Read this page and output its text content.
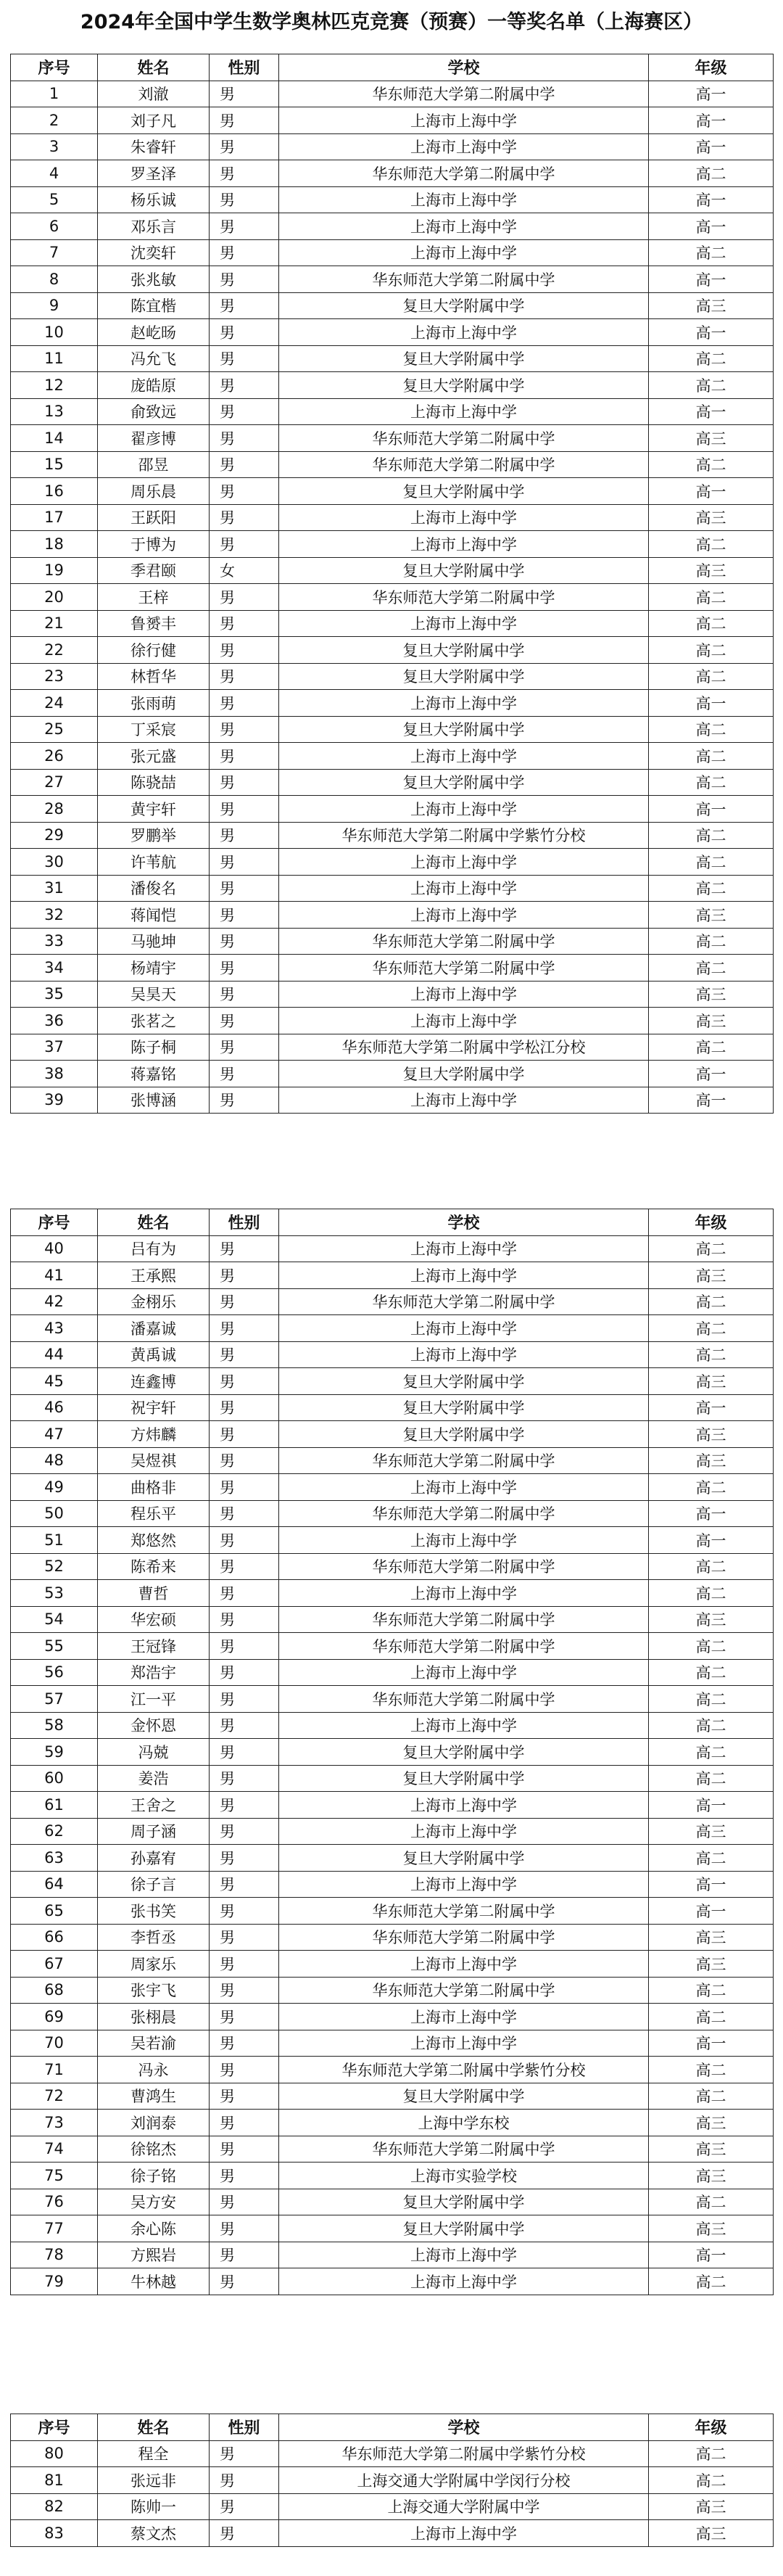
2024年全国中学生数学奥林匹克竞赛（预赛）一等奖名单（上海赛区）
序号	姓名	性别	学校	年级
1	刘澈	男	华东师范大学第二附属中学	高一
2	刘子凡	男	上海市上海中学	高一
3	朱睿轩	男	上海市上海中学	高一
4	罗圣泽	男	华东师范大学第二附属中学	高二
5	杨乐诚	男	上海市上海中学	高一
6	邓乐言	男	上海市上海中学	高一
7	沈奕轩	男	上海市上海中学	高二
8	张兆敏	男	华东师范大学第二附属中学	高一
9	陈宜楷	男	复旦大学附属中学	高三
10	赵屹旸	男	上海市上海中学	高一
11	冯允飞	男	复旦大学附属中学	高二
12	庞皓原	男	复旦大学附属中学	高二
13	俞致远	男	上海市上海中学	高一
14	翟彦博	男	华东师范大学第二附属中学	高三
15	邵昱	男	华东师范大学第二附属中学	高二
16	周乐晨	男	复旦大学附属中学	高一
17	王跃阳	男	上海市上海中学	高三
18	于博为	男	上海市上海中学	高二
19	季君颐	女	复旦大学附属中学	高三
20	王梓	男	华东师范大学第二附属中学	高二
21	鲁赟丰	男	上海市上海中学	高二
22	徐行健	男	复旦大学附属中学	高二
23	林哲华	男	复旦大学附属中学	高二
24	张雨萌	男	上海市上海中学	高一
25	丁采宸	男	复旦大学附属中学	高二
26	张元盛	男	上海市上海中学	高二
27	陈骁喆	男	复旦大学附属中学	高二
28	黄宇轩	男	上海市上海中学	高一
29	罗鹏举	男	华东师范大学第二附属中学紫竹分校	高二
30	许苇航	男	上海市上海中学	高二
31	潘俊名	男	上海市上海中学	高二
32	蒋闻恺	男	上海市上海中学	高三
33	马驰坤	男	华东师范大学第二附属中学	高二
34	杨靖宇	男	华东师范大学第二附属中学	高二
35	吴昊天	男	上海市上海中学	高三
36	张茗之	男	上海市上海中学	高三
37	陈子桐	男	华东师范大学第二附属中学松江分校	高二
38	蒋嘉铭	男	复旦大学附属中学	高一
39	张博涵	男	上海市上海中学	高一
序号	姓名	性别	学校	年级
40	吕有为	男	上海市上海中学	高二
41	王承熙	男	上海市上海中学	高三
42	金栩乐	男	华东师范大学第二附属中学	高二
43	潘嘉诚	男	上海市上海中学	高二
44	黄禹诚	男	上海市上海中学	高二
45	连鑫博	男	复旦大学附属中学	高三
46	祝宇轩	男	复旦大学附属中学	高一
47	方炜麟	男	复旦大学附属中学	高三
48	吴煜祺	男	华东师范大学第二附属中学	高三
49	曲格非	男	上海市上海中学	高二
50	程乐平	男	华东师范大学第二附属中学	高一
51	郑悠然	男	上海市上海中学	高一
52	陈希来	男	华东师范大学第二附属中学	高二
53	曹哲	男	上海市上海中学	高二
54	华宏硕	男	华东师范大学第二附属中学	高三
55	王冠锋	男	华东师范大学第二附属中学	高二
56	郑浩宇	男	上海市上海中学	高二
57	江一平	男	华东师范大学第二附属中学	高二
58	金怀恩	男	上海市上海中学	高二
59	冯兢	男	复旦大学附属中学	高二
60	姜浩	男	复旦大学附属中学	高二
61	王舍之	男	上海市上海中学	高一
62	周子涵	男	上海市上海中学	高三
63	孙嘉宥	男	复旦大学附属中学	高二
64	徐子言	男	上海市上海中学	高一
65	张书笑	男	华东师范大学第二附属中学	高一
66	李哲丞	男	华东师范大学第二附属中学	高三
67	周家乐	男	上海市上海中学	高三
68	张宇飞	男	华东师范大学第二附属中学	高二
69	张栩晨	男	上海市上海中学	高二
70	吴若渝	男	上海市上海中学	高一
71	冯永	男	华东师范大学第二附属中学紫竹分校	高二
72	曹鸿生	男	复旦大学附属中学	高二
73	刘润泰	男	上海中学东校	高三
74	徐铭杰	男	华东师范大学第二附属中学	高三
75	徐子铭	男	上海市实验学校	高三
76	吴方安	男	复旦大学附属中学	高二
77	余心陈	男	复旦大学附属中学	高三
78	方熙岩	男	上海市上海中学	高一
79	牛林越	男	上海市上海中学	高二
序号	姓名	性别	学校	年级
80	程全	男	华东师范大学第二附属中学紫竹分校	高二
81	张远非	男	上海交通大学附属中学闵行分校	高二
82	陈帅一	男	上海交通大学附属中学	高三
83	蔡文杰	男	上海市上海中学	高三
